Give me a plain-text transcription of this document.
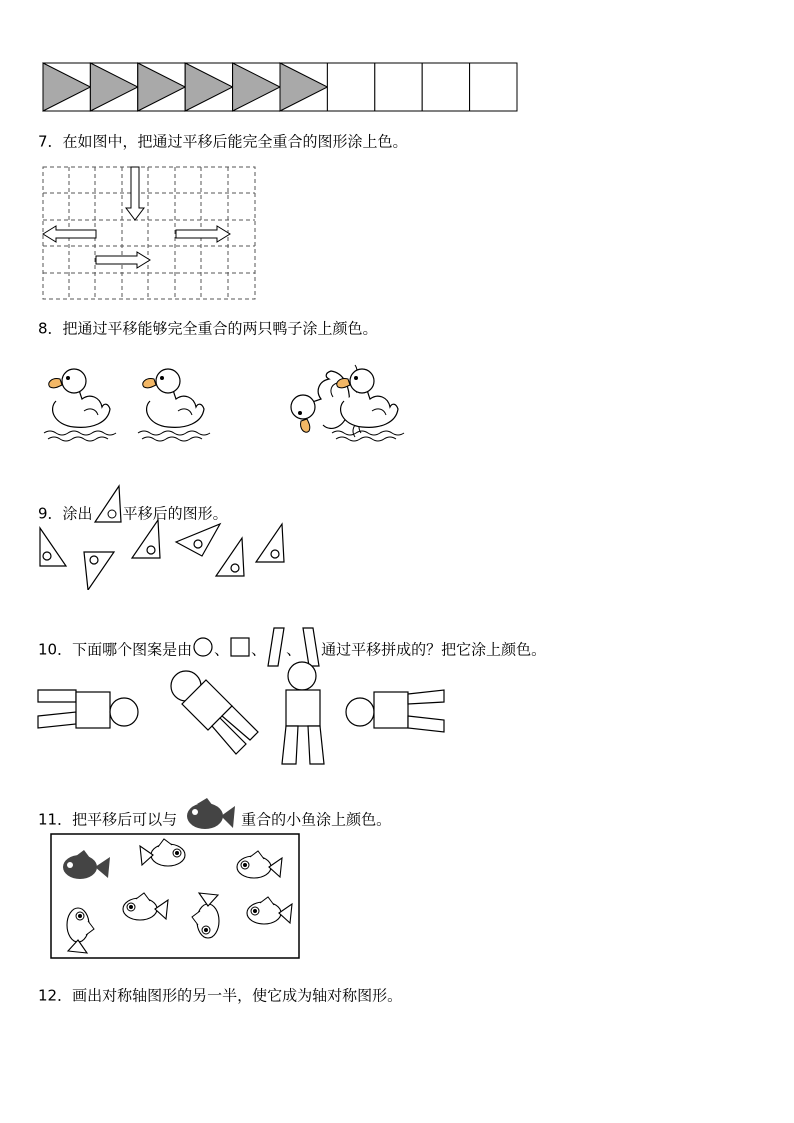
7．在如图中，把通过平移后能完全重合的图形涂上色。
8．把通过平移能够完全重合的两只鸭子涂上颜色。
9．涂出 平移后的图形。
10．下面哪个图案是由 、 、 、 通过平移拼成的？把它涂上颜色。
11．把平移后可以与	重合的小鱼涂上颜色。
12．画出对称轴图形的另一半，使它成为轴对称图形。
